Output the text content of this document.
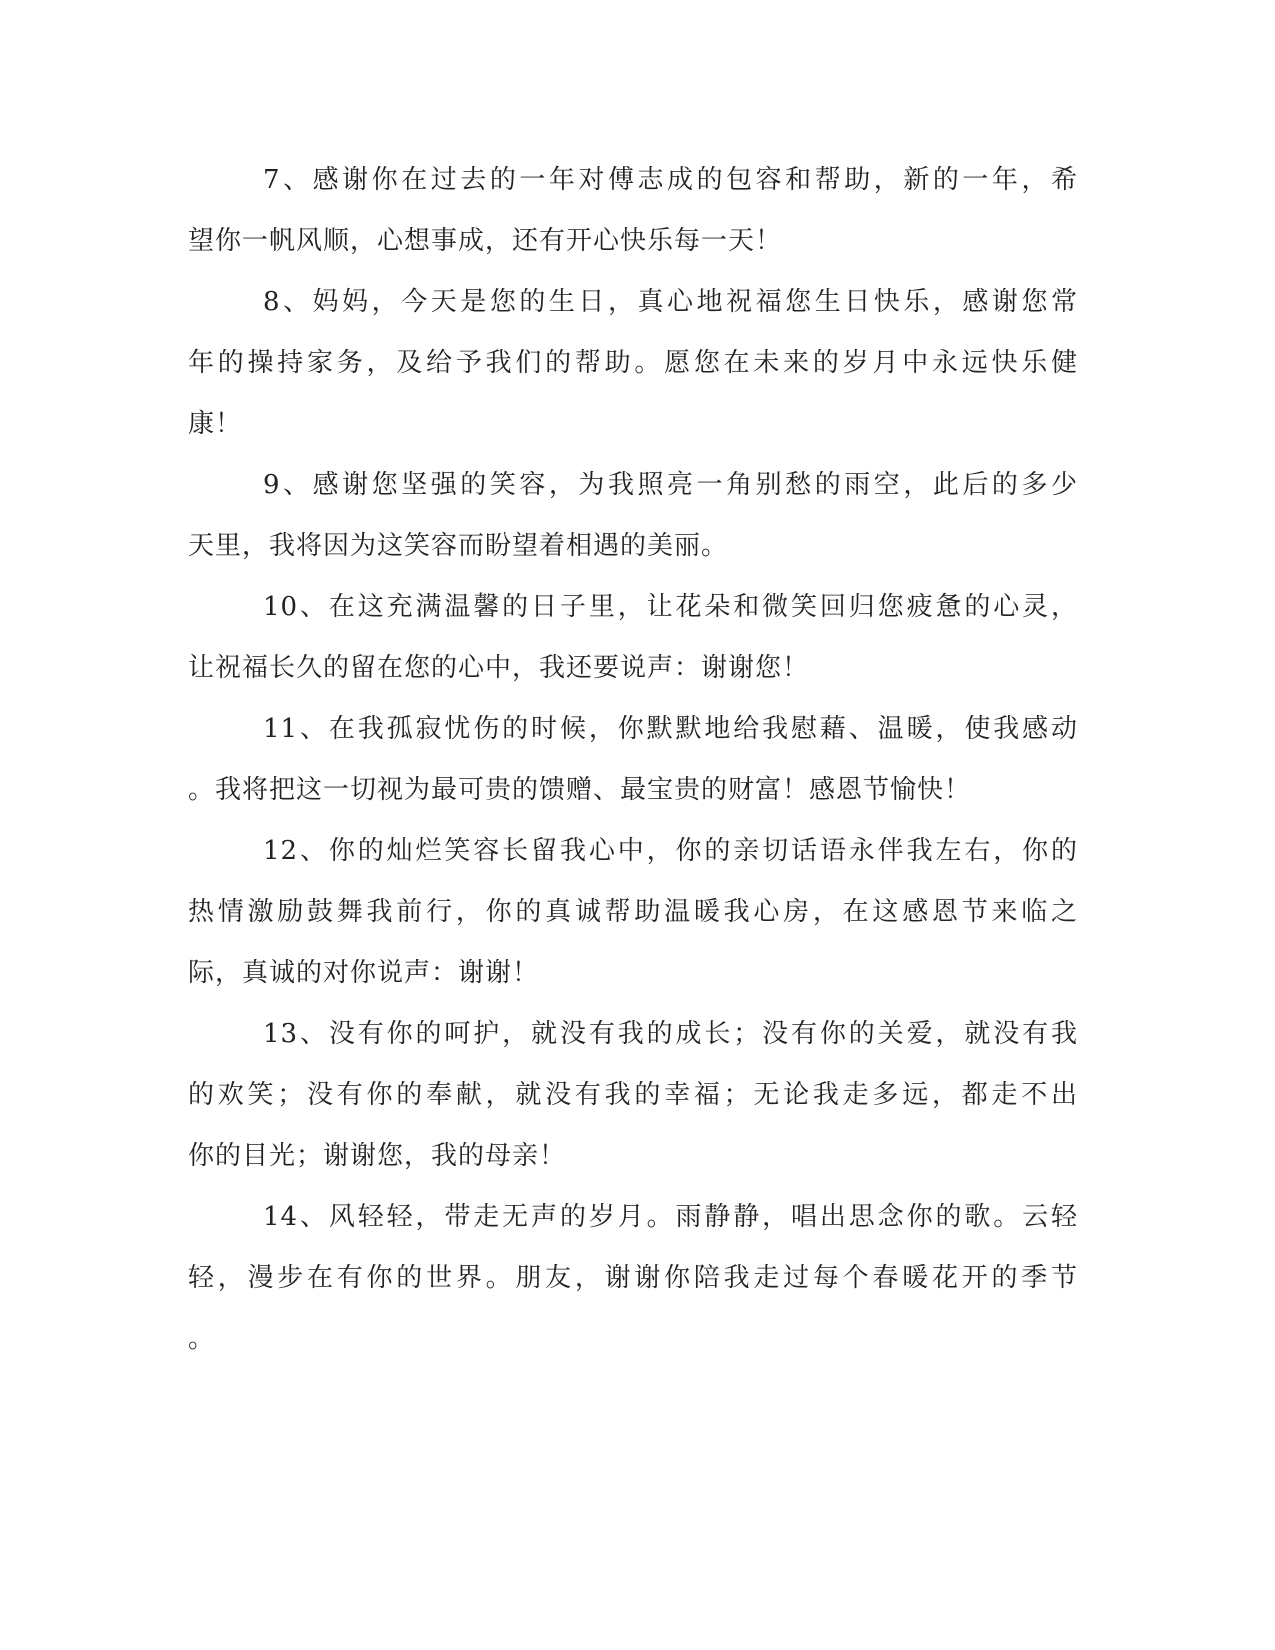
7、感谢你在过去的一年对傅志成的包容和帮助，新的一年，希
望你一帆风顺，心想事成，还有开心快乐每一天！
8、妈妈，今天是您的生日，真心地祝福您生日快乐，感谢您常
年的操持家务，及给予我们的帮助。愿您在未来的岁月中永远快乐健
康！
9、感谢您坚强的笑容，为我照亮一角别愁的雨空，此后的多少
天里，我将因为这笑容而盼望着相遇的美丽。
10、在这充满温馨的日子里，让花朵和微笑回归您疲惫的心灵，
让祝福长久的留在您的心中，我还要说声：谢谢您！
11、在我孤寂忧伤的时候，你默默地给我慰藉、温暖，使我感动
。我将把这一切视为最可贵的馈赠、最宝贵的财富！感恩节愉快！
12、你的灿烂笑容长留我心中，你的亲切话语永伴我左右，你的
热情激励鼓舞我前行，你的真诚帮助温暖我心房，在这感恩节来临之
际，真诚的对你说声：谢谢！
13、没有你的呵护，就没有我的成长；没有你的关爱，就没有我
的欢笑；没有你的奉献，就没有我的幸福；无论我走多远，都走不出
你的目光；谢谢您，我的母亲！
14、风轻轻，带走无声的岁月。雨静静，唱出思念你的歌。云轻
轻，漫步在有你的世界。朋友，谢谢你陪我走过每个春暖花开的季节
。
